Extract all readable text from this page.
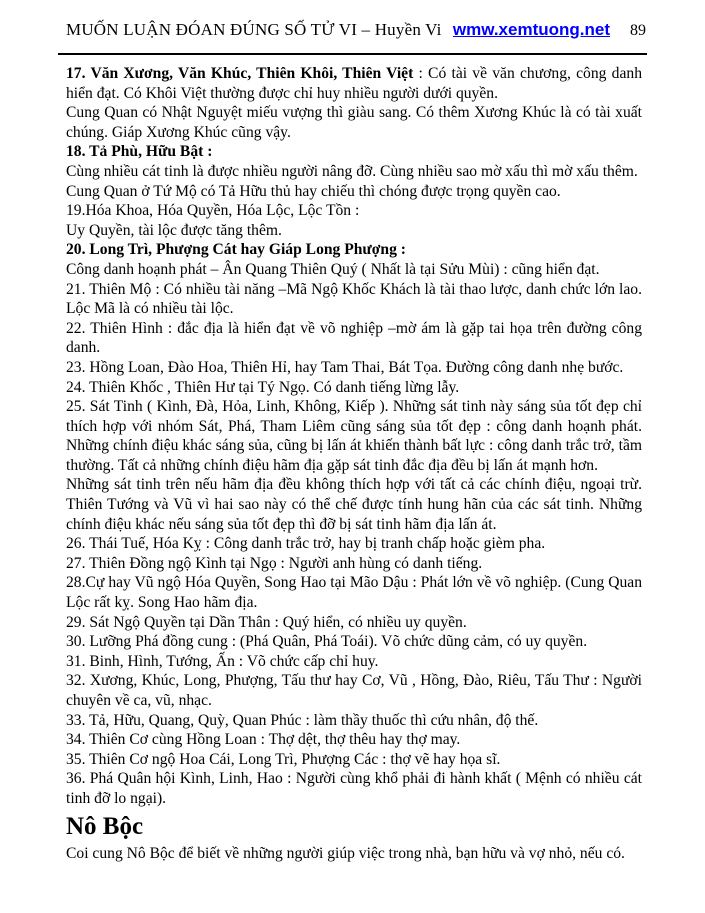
MUỐN LUẬN ĐÓAN ĐÚNG SỐ TỬ VI – Huyền Vi wmw.xemtuong.net 89

17. Văn Xương, Văn Khúc, Thiên Khôi, Thiên Việt : Có tài về văn chương, công danh hiển đạt. Có Khôi Việt thường được chỉ huy nhiều người dưới quyền.

Cung Quan có Nhật Nguyệt miếu vượng thì giàu sang. Có thêm Xương Khúc là có tài xuất chúng. Giáp Xương Khúc cũng vậy.

18. Tả Phù, Hữu Bật :

Cùng nhiều cát tinh là được nhiều người nâng đỡ. Cùng nhiều sao mờ xấu thì mờ xấu thêm.

Cung Quan ở Tứ Mộ có Tả Hữu thủ hay chiếu thì chóng được trọng quyền cao.

19.Hóa Khoa, Hóa Quyền, Hóa Lộc, Lộc Tồn :

Uy Quyền, tài lộc được tăng thêm.

20. Long Trì, Phượng Cát hay Giáp Long Phượng :

Công danh hoạnh phát – Ân Quang Thiên Quý ( Nhất là tại Sửu Mùi) : cũng hiển đạt.

21. Thiên Mộ : Có nhiều tài năng –Mã Ngộ Khốc Khách là tài thao lược, danh chức lớn lao. Lộc Mã là có nhiều tài lộc.

22. Thiên Hình : đắc địa là hiển đạt về võ nghiệp –mờ ám là gặp tai họa trên đường công danh.

23. Hồng Loan, Đào Hoa, Thiên Hỉ, hay Tam Thai, Bát Tọa. Đường công danh nhẹ bước.

24. Thiên Khốc , Thiên Hư tại Tý Ngọ. Có danh tiếng lừng lẫy.

25. Sát Tinh ( Kình, Đà, Hỏa, Linh, Không, Kiếp ). Những sát tinh này sáng sủa tốt đẹp chỉ thích hợp với nhóm Sát, Phá, Tham Liêm cũng sáng sủa tốt đẹp : công danh hoạnh phát. Những chính điệu khác sáng sủa, cũng bị lấn át khiến thành bất lực : công danh trắc trở, tầm thường. Tất cả những chính điệu hãm địa gặp sát tinh đắc địa đều bị lấn át mạnh hơn.

Những sát tinh trên nếu hãm địa đều không thích hợp với tất cả các chính điệu, ngoại trừ. Thiên Tướng và Vũ vì hai sao này có thể chế được tính hung hãn của các sát tinh. Những chính điệu khác nếu sáng sủa tốt đẹp thì đỡ bị sát tinh hãm địa lấn át.

26. Thái Tuế, Hóa Kỵ : Công danh trắc trở, hay bị tranh chấp hoặc gièm pha.

27. Thiên Đồng ngộ Kình tại Ngọ : Người anh hùng có danh tiếng.

28.Cự hay Vũ ngộ Hóa Quyền, Song Hao tại Mão Dậu : Phát lớn về võ nghiệp. (Cung Quan Lộc rất kỵ. Song Hao hãm địa.

29. Sát Ngộ Quyền tại Dần Thân : Quý hiển, có nhiều uy quyền.

30. Lưỡng Phá đồng cung : (Phá Quân, Phá Toái). Võ chức dũng cảm, có uy quyền.

31. Binh, Hình, Tướng, Ấn : Võ chức cấp chỉ huy.

32. Xương, Khúc, Long, Phượng, Tấu thư hay Cơ, Vũ , Hồng, Đào, Riêu, Tấu Thư : Người chuyên về ca, vũ, nhạc.

33. Tả, Hữu, Quang, Quỳ, Quan Phúc : làm thầy thuốc thì cứu nhân, độ thế.

34. Thiên Cơ cùng Hồng Loan : Thợ dệt, thợ thêu hay thợ may.

35. Thiên Cơ ngộ Hoa Cái, Long Trì, Phượng Các : thợ vẽ hay họa sĩ.

36. Phá Quân hội Kình, Linh, Hao : Người cùng khổ phải đi hành khất ( Mệnh có nhiều cát tinh đỡ lo ngại).

Nô Bộc

Coi cung Nô Bộc để biết về những người giúp việc trong nhà, bạn hữu và vợ nhỏ, nếu có.
